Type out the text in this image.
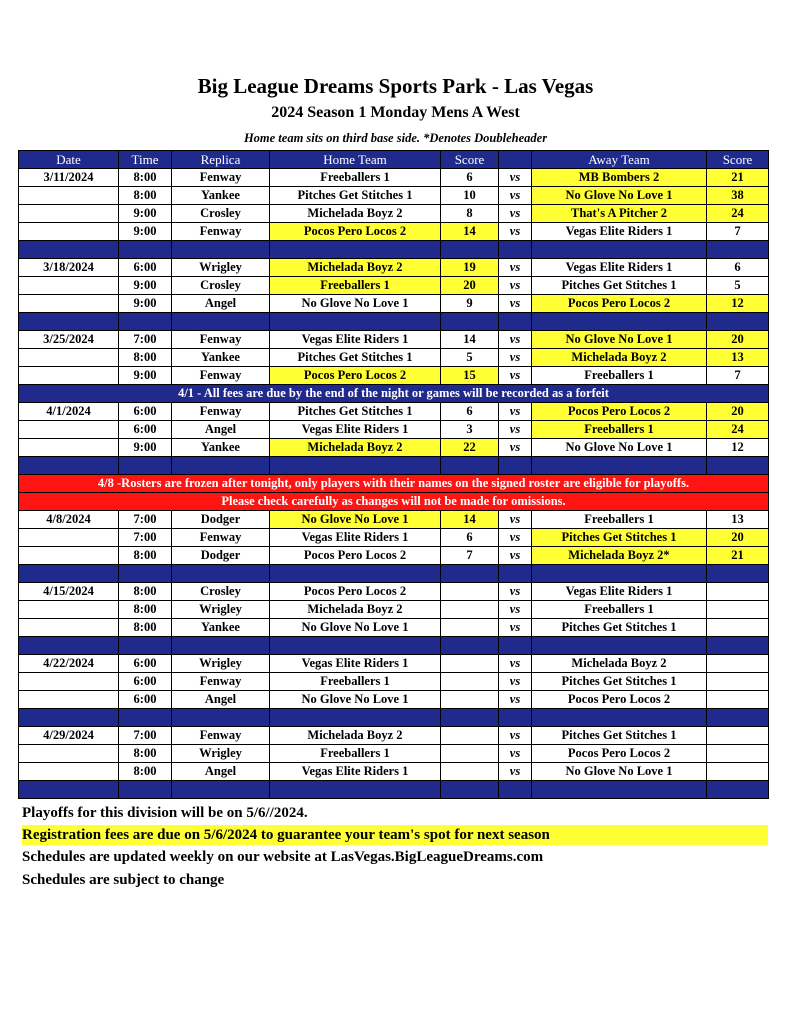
Big League Dreams Sports Park - Las Vegas
2024 Season 1 Monday Mens A West
Home team sits on third base side. *Denotes Doubleheader
Date	Time	Replica	Home Team	Score		Away Team	Score
3/11/2024	8:00	Fenway	Freeballers 1	6	vs	MB Bombers 2	21
	8:00	Yankee	Pitches Get Stitches 1	10	vs	No Glove No Love 1	38
	9:00	Crosley	Michelada Boyz 2	8	vs	That's A Pitcher 2	24
	9:00	Fenway	Pocos Pero Locos 2	14	vs	Vegas Elite Riders 1	7

3/18/2024	6:00	Wrigley	Michelada Boyz 2	19	vs	Vegas Elite Riders 1	6
	9:00	Crosley	Freeballers 1	20	vs	Pitches Get Stitches 1	5
	9:00	Angel	No Glove No Love 1	9	vs	Pocos Pero Locos 2	12

3/25/2024	7:00	Fenway	Vegas Elite Riders 1	14	vs	No Glove No Love 1	20
	8:00	Yankee	Pitches Get Stitches 1	5	vs	Michelada Boyz 2	13
	9:00	Fenway	Pocos Pero Locos 2	15	vs	Freeballers 1	7
4/1 - All fees are due by the end of the night or games will be recorded as a forfeit							
4/1/2024	6:00	Fenway	Pitches Get Stitches 1	6	vs	Pocos Pero Locos 2	20
	6:00	Angel	Vegas Elite Riders 1	3	vs	Freeballers 1	24
	9:00	Yankee	Michelada Boyz 2	22	vs	No Glove No Love 1	12

4/8 -Rosters are frozen after tonight, only players with their names on the signed roster are eligible for playoffs.							
Please check carefully as changes will not be made for omissions.							
4/8/2024	7:00	Dodger	No Glove No Love 1	14	vs	Freeballers 1	13
	7:00	Fenway	Vegas Elite Riders 1	6	vs	Pitches Get Stitches 1	20
	8:00	Dodger	Pocos Pero Locos 2	7	vs	Michelada Boyz 2*	21

4/15/2024	8:00	Crosley	Pocos Pero Locos 2		vs	Vegas Elite Riders 1	
	8:00	Wrigley	Michelada Boyz 2		vs	Freeballers 1	
	8:00	Yankee	No Glove No Love 1		vs	Pitches Get Stitches 1	

4/22/2024	6:00	Wrigley	Vegas Elite Riders 1		vs	Michelada Boyz 2	
	6:00	Fenway	Freeballers 1		vs	Pitches Get Stitches 1	
	6:00	Angel	No Glove No Love 1		vs	Pocos Pero Locos 2	

4/29/2024	7:00	Fenway	Michelada Boyz 2		vs	Pitches Get Stitches 1	
	8:00	Wrigley	Freeballers 1		vs	Pocos Pero Locos 2	
	8:00	Angel	Vegas Elite Riders 1		vs	No Glove No Love 1	

Playoffs for this division will be on 5/6//2024.
Registration fees are due on 5/6/2024 to guarantee your team's spot for next season
Schedules are updated weekly on our website at LasVegas.BigLeagueDreams.com
Schedules are subject to change
